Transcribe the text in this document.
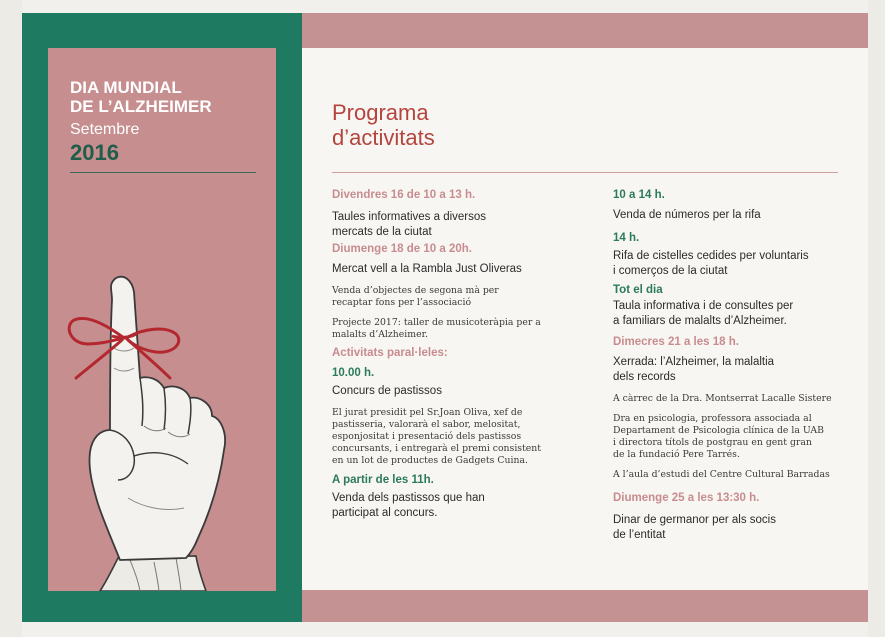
DIA MUNDIAL
DE L’ALZHEIMER
Setembre
2016
Programa
d’activitats
Divendres 16 de 10 a 13 h.
Taules informatives a diversos
mercats de la ciutat
Diumenge 18 de 10 a 20h.
Mercat vell a la Rambla Just Oliveras
Venda d’objectes de segona mà per
recaptar fons per l’associació
Projecte 2017: taller de musicoteràpia per a
malalts d’Alzheimer.
Activitats paral·leles:
10.00 h.
Concurs de pastissos
El jurat presidit pel Sr.Joan Oliva, xef de
pastisseria, valorarà el sabor, melositat,
esponjositat i presentació dels pastissos
concursants, i entregarà el premi consistent
en un lot de productes de Gadgets Cuina.
A partir de les 11h.
Venda dels pastissos que han
participat al concurs.
10 a 14 h.
Venda de números per la rifa
14 h.
Rifa de cistelles cedides per voluntaris
i comerços de la ciutat
Tot el dia
Taula informativa i de consultes per
a familiars de malalts d’Alzheimer.
Dimecres 21 a les 18 h.
Xerrada: l’Alzheimer, la malaltia
dels records
A càrrec de la Dra. Montserrat Lacalle Sistere
Dra en psicologia, professora associada al
Departament de Psicologia clínica de la UAB
i directora títols de postgrau en gent gran
de la fundació Pere Tarrés.
A l’aula d’estudi del Centre Cultural Barradas
Diumenge 25 a les 13:30 h.
Dinar de germanor per als socis
de l’entitat
